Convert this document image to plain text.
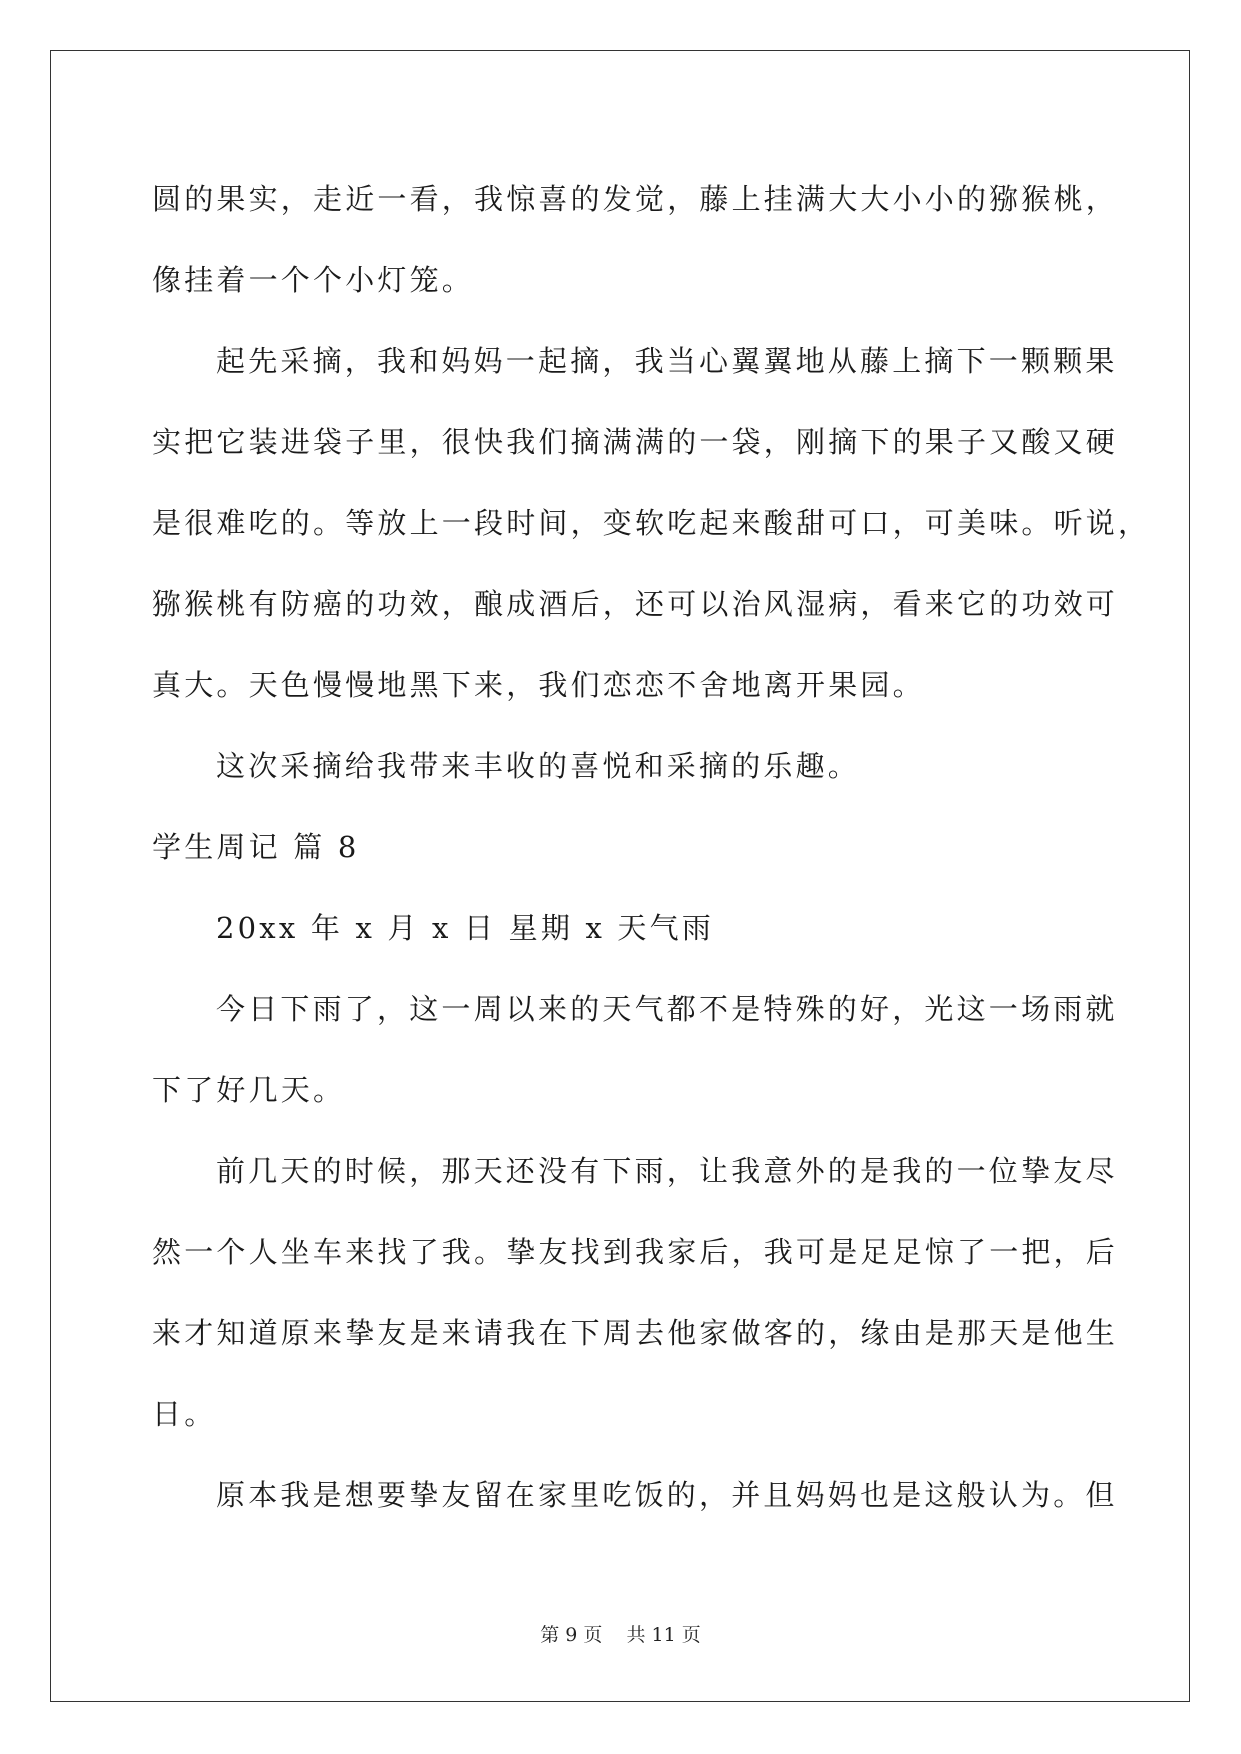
圆的果实，走近一看，我惊喜的发觉，藤上挂满大大小小的猕猴桃，
像挂着一个个小灯笼。
起先采摘，我和妈妈一起摘，我当心翼翼地从藤上摘下一颗颗果
实把它装进袋子里，很快我们摘满满的一袋，刚摘下的果子又酸又硬
是很难吃的。等放上一段时间，变软吃起来酸甜可口，可美味。听说，
猕猴桃有防癌的功效，酿成酒后，还可以治风湿病，看来它的功效可
真大。天色慢慢地黑下来，我们恋恋不舍地离开果园。
这次采摘给我带来丰收的喜悦和采摘的乐趣。
学生周记 篇 8
20xx 年 x 月 x 日 星期 x 天气雨
今日下雨了，这一周以来的天气都不是特殊的好，光这一场雨就
下了好几天。
前几天的时候，那天还没有下雨，让我意外的是我的一位挚友尽
然一个人坐车来找了我。挚友找到我家后，我可是足足惊了一把，后
来才知道原来挚友是来请我在下周去他家做客的，缘由是那天是他生
日。
原本我是想要挚友留在家里吃饭的，并且妈妈也是这般认为。但
第 9 页 共 11 页
